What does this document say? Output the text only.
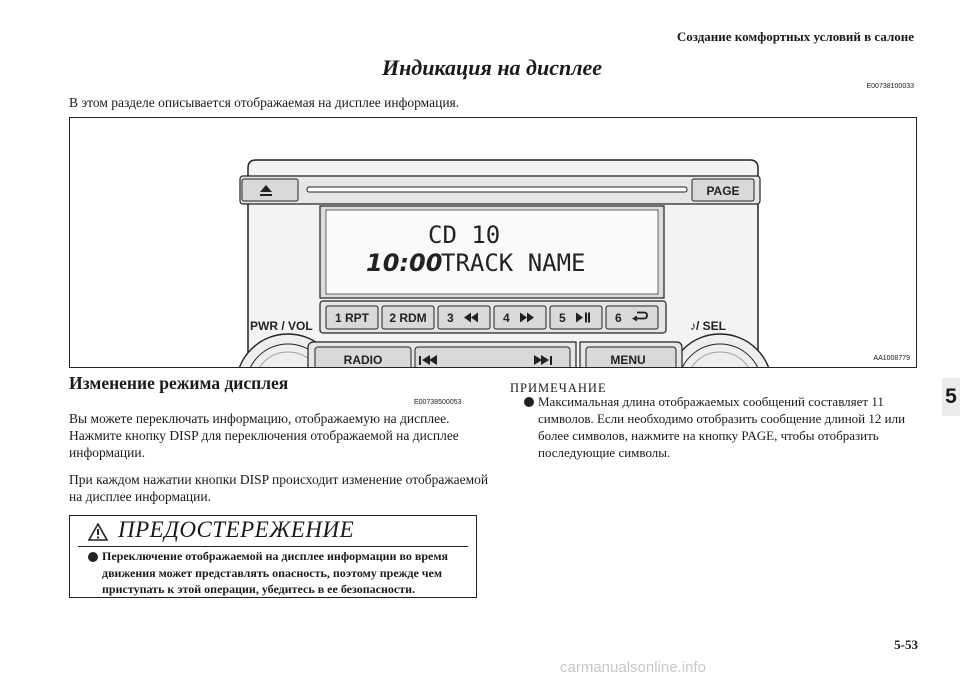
Создание комфортных условий в салоне
Индикация на дисплее
E00738100033
В этом разделе описывается отображаемая на дисплее информация.
PAGE
CD 10
10:00
TRACK NAME
1 RPT 2 RDM 3	4	5	6
PWR / VOL	♪/ SEL
RADIO	MENU	AA1008779
Изменение режима дисплея
E00738500053
Вы можете переключать информацию, отображаемую на дисплее. Нажмите кнопку DISP для переключения отображаемой на дисплее информации.
При каждом нажатии кнопки DISP происходит изменение отображаемой на дисплее информации.
ПРЕДОСТЕРЕЖЕНИЕ
Переключение отображаемой на дисплее информации во время движения может представлять опасность, поэтому прежде чем приступать к этой операции, убедитесь в ее безопасности.
ПРИМЕЧАНИЕ
Максимальная длина отображаемых сообщений составляет 11 символов. Если необходимо отобразить сообщение длиной 12 или более символов, нажмите на кнопку PAGE, чтобы отобразить последующие символы.
5
5-53
carmanualsonline.info
